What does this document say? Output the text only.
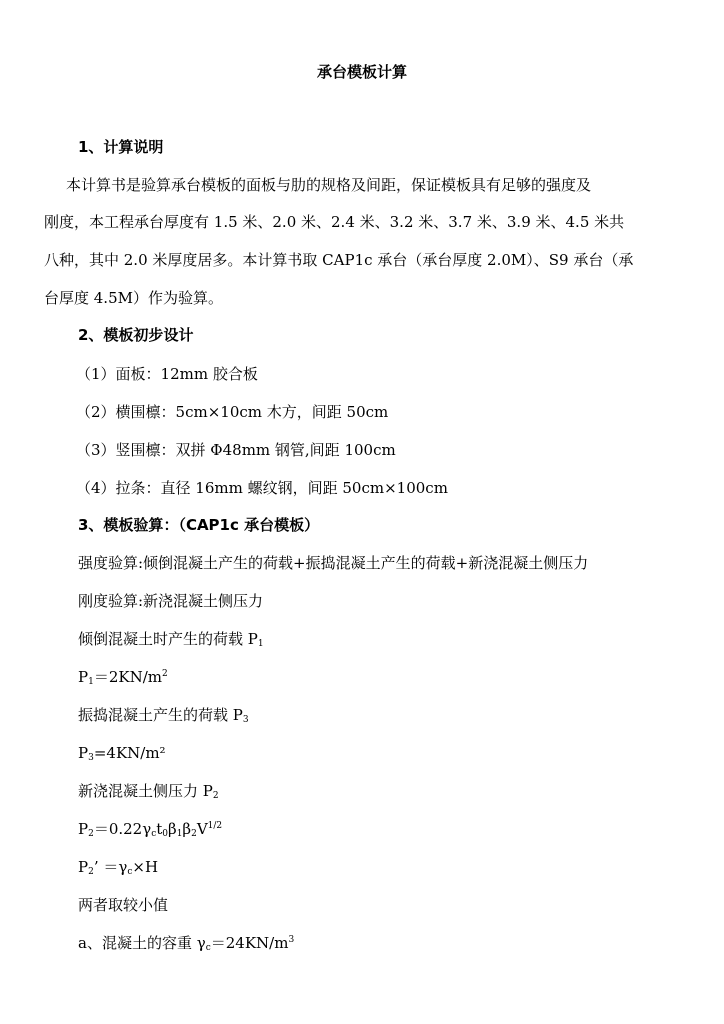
承台模板计算
1、计算说明
本计算书是验算承台模板的面板与肋的规格及间距，保证模板具有足够的强度及
刚度，本工程承台厚度有 1.5 米、2.0 米、2.4 米、3.2 米、3.7 米、3.9 米、4.5 米共
八种，其中 2.0 米厚度居多。本计算书取 CAP1c 承台（承台厚度 2.0M）、S9 承台（承
台厚度 4.5M）作为验算。
2、模板初步设计
（1）面板：12mm 胶合板
（2）横围檩：5cm×10cm 木方，间距 50cm
（3）竖围檩：双拼 Φ48mm 钢管,间距 100cm
（4）拉条：直径 16mm 螺纹钢，间距 50cm×100cm
3、模板验算：（CAP1c 承台模板）
强度验算:倾倒混凝土产生的荷载+振捣混凝土产生的荷载+新浇混凝土侧压力
刚度验算:新浇混凝土侧压力
倾倒混凝土时产生的荷载 $P_1$
$P_1=2KN/m^2$
振捣混凝土产生的荷载 $P_3$
$P_3=4KN/m^2$
新浇混凝土侧压力 $P_2$
$P_2=0.22\gamma_ct_0\beta_1\beta_2V^{1/2}$
$P_2$’ $=\gamma_c\times H$
两者取较小值
a、混凝土的容重 $\gamma_c=24KN/m^3$
